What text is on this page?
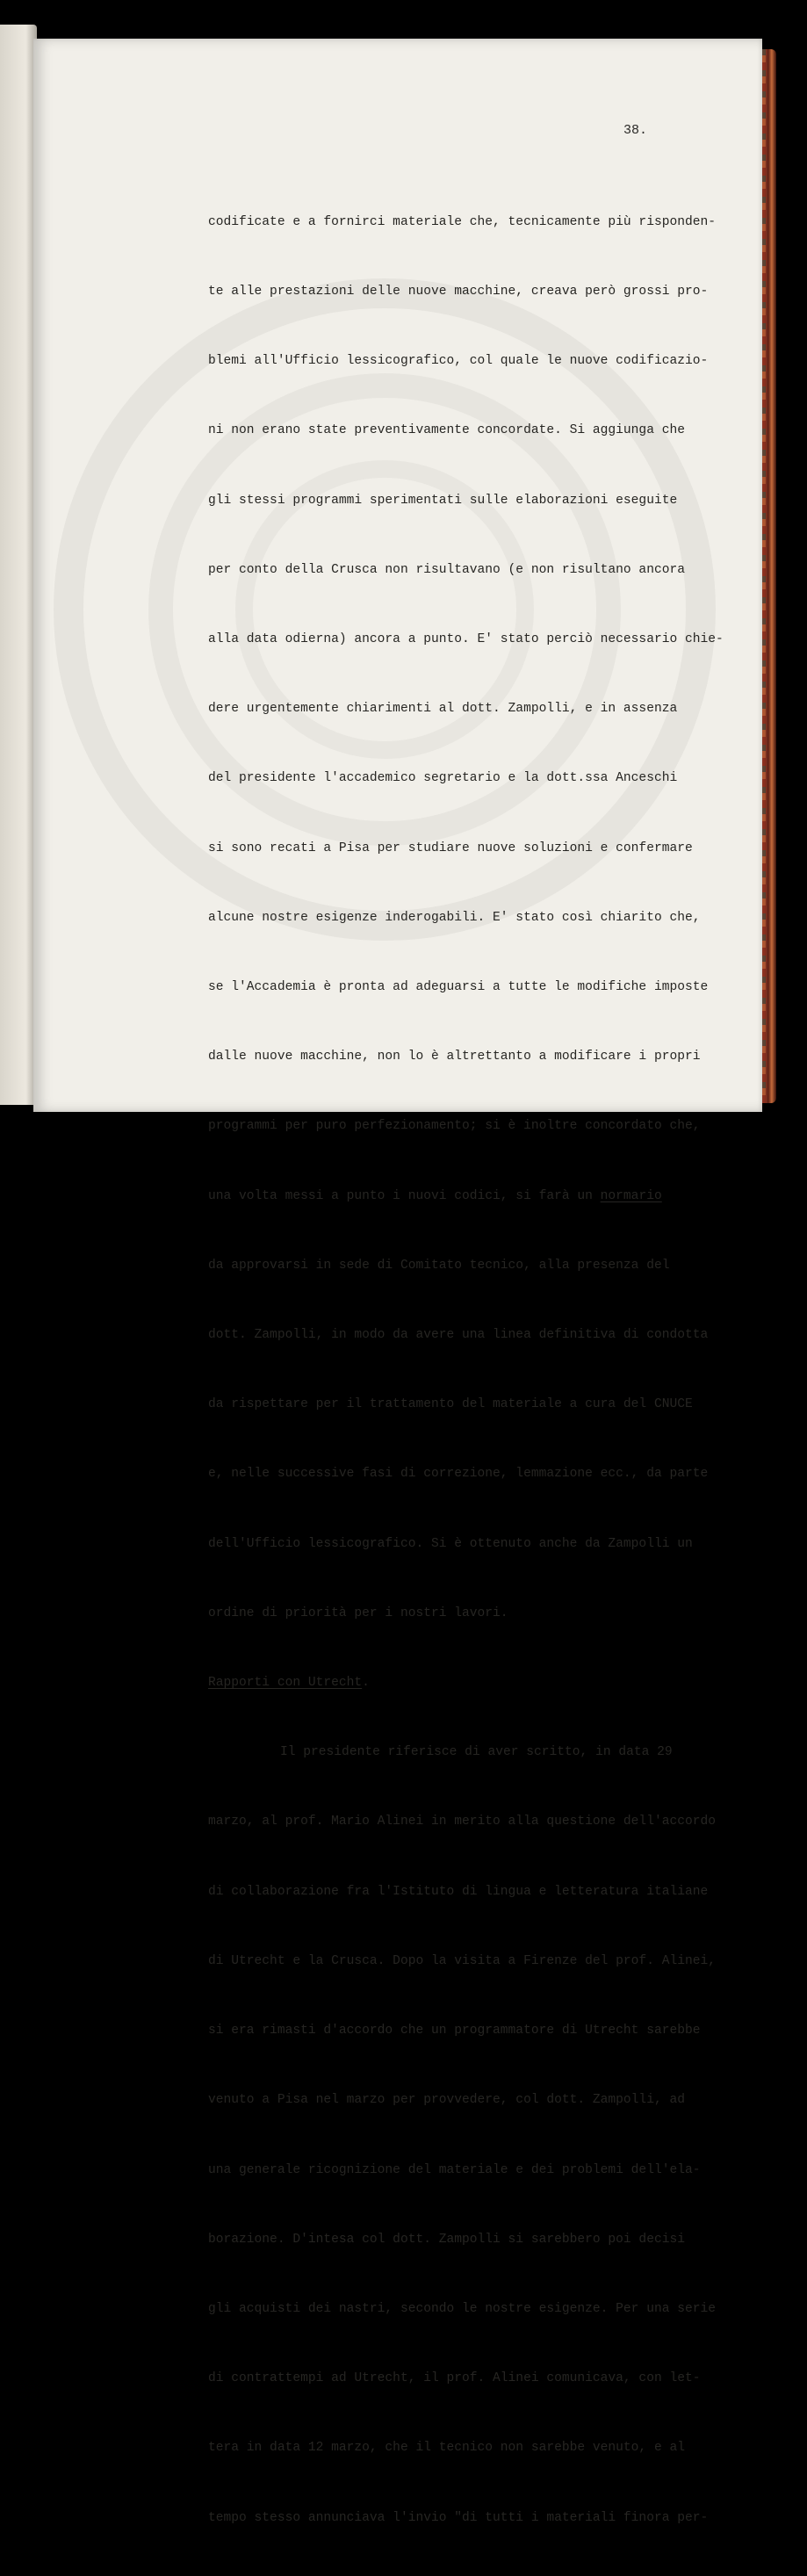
38.

codificate e a fornirci materiale che, tecnicamente più risponden-

te alle prestazioni delle nuove macchine, creava però grossi pro-

blemi all'Ufficio lessicografico, col quale le nuove codificazio-

ni non erano state preventivamente concordate. Si aggiunga che

gli stessi programmi sperimentati sulle elaborazioni eseguite

per conto della Crusca non risultavano (e non risultano ancora

alla data odierna) ancora a punto. E' stato perciò necessario chie-

dere urgentemente chiarimenti al dott. Zampolli, e in assenza

del presidente l'accademico segretario e la dott.ssa Anceschi

si sono recati a Pisa per studiare nuove soluzioni e confermare

alcune nostre esigenze inderogabili. E' stato così chiarito che,

se l'Accademia è pronta ad adeguarsi a tutte le modifiche imposte

dalle nuove macchine, non lo è altrettanto a modificare i propri

programmi per puro perfezionamento; si è inoltre concordato che,

una volta messi a punto i nuovi codici, si farà un normario

da approvarsi in sede di Comitato tecnico, alla presenza del

dott. Zampolli, in modo da avere una linea definitiva di condotta

da rispettare per il trattamento del materiale a cura del CNUCE

e, nelle successive fasi di correzione, lemmazione ecc., da parte

dell'Ufficio lessicografico. Si è ottenuto anche da Zampolli un

ordine di priorità per i nostri lavori.

Rapporti con Utrecht.

Il presidente riferisce di aver scritto, in data 29

marzo, al prof. Mario Alinei in merito alla questione dell'accordo

di collaborazione fra l'Istituto di lingua e letteratura italiane

di Utrecht e la Crusca. Dopo la visita a Firenze del prof. Alinei,

si era rimasti d'accordo che un programmatore di Utrecht sarebbe

venuto a Pisa nel marzo per provvedere, col dott. Zampolli, ad

una generale ricognizione del materiale e dei problemi dell'ela-

borazione. D'intesa col dott. Zampolli si sarebbero poi decisi

gli acquisti dei nastri, secondo le nostre esigenze. Per una serie

di contrattempi ad Utrecht, il prof. Alinei comunicava, con let-

tera in data 12 marzo, che il tecnico non sarebbe venuto, e al

tempo stesso annunciava l'invio "di tutti i materiali finora per-
